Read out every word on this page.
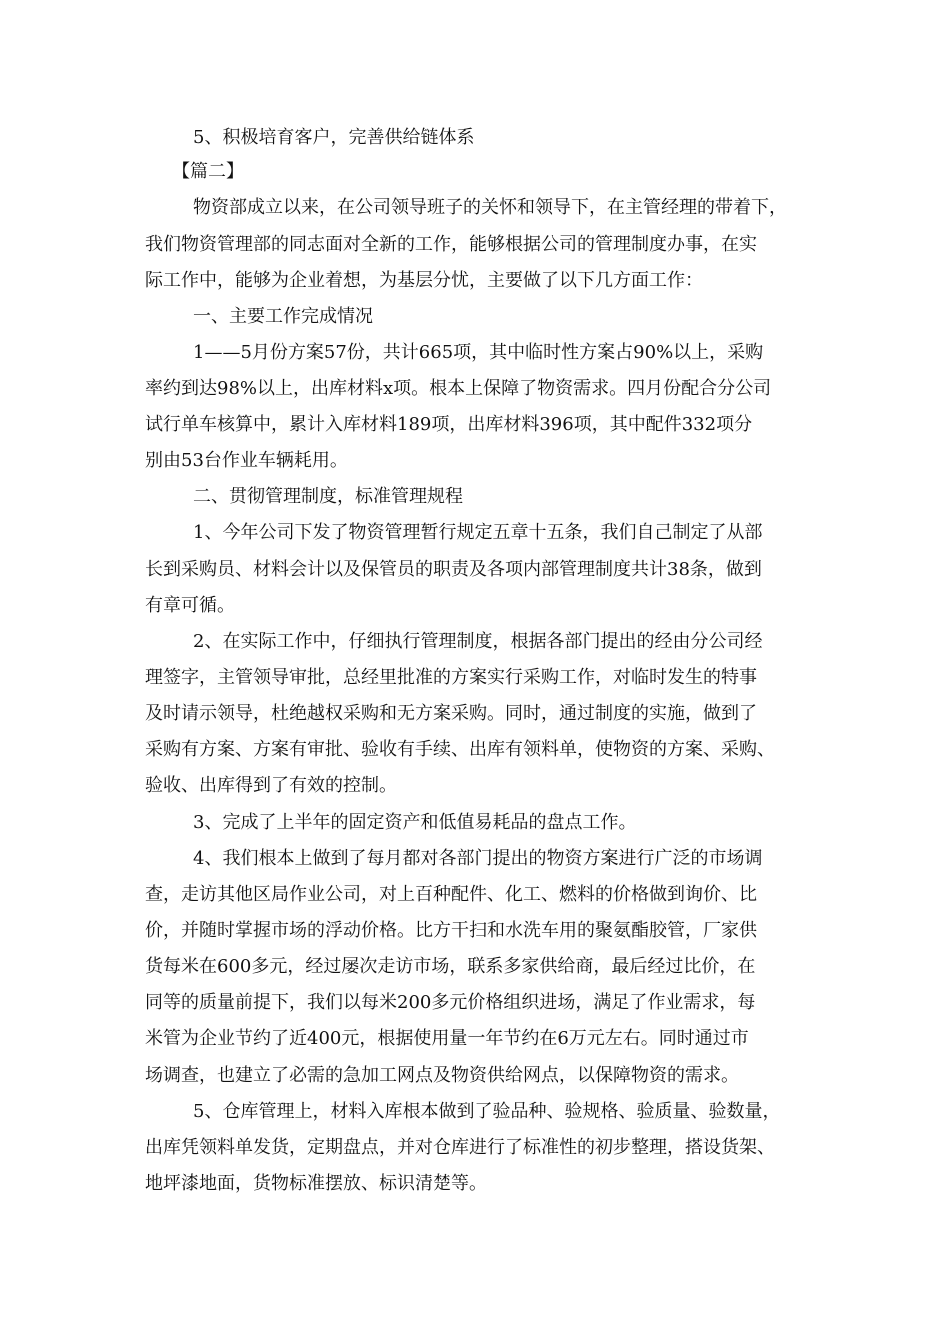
5、积极培育客户，完善供给链体系

【篇二】

物资部成立以来，在公司领导班子的关怀和领导下，在主管经理的带着下，

我们物资管理部的同志面对全新的工作，能够根据公司的管理制度办事，在实

际工作中，能够为企业着想，为基层分忧，主要做了以下几方面工作：

一、主要工作完成情况

1——5月份方案57份，共计665项，其中临时性方案占90%以上，采购

率约到达98%以上，出库材料x项。根本上保障了物资需求。四月份配合分公司

试行单车核算中，累计入库材料189项，出库材料396项，其中配件332项分

别由53台作业车辆耗用。

二、贯彻管理制度，标准管理规程

1、今年公司下发了物资管理暂行规定五章十五条，我们自己制定了从部

长到采购员、材料会计以及保管员的职责及各项内部管理制度共计38条，做到

有章可循。

2、在实际工作中，仔细执行管理制度，根据各部门提出的经由分公司经

理签字，主管领导审批，总经里批准的方案实行采购工作，对临时发生的特事

及时请示领导，杜绝越权采购和无方案采购。同时，通过制度的实施，做到了

采购有方案、方案有审批、验收有手续、出库有领料单，使物资的方案、采购、

验收、出库得到了有效的控制。

3、完成了上半年的固定资产和低值易耗品的盘点工作。

4、我们根本上做到了每月都对各部门提出的物资方案进行广泛的市场调

查，走访其他区局作业公司，对上百种配件、化工、燃料的价格做到询价、比

价，并随时掌握市场的浮动价格。比方干扫和水洗车用的聚氨酯胶管，厂家供

货每米在600多元，经过屡次走访市场，联系多家供给商，最后经过比价，在

同等的质量前提下，我们以每米200多元价格组织进场，满足了作业需求，每

米管为企业节约了近400元，根据使用量一年节约在6万元左右。同时通过市

场调查，也建立了必需的急加工网点及物资供给网点，以保障物资的需求。

5、仓库管理上，材料入库根本做到了验品种、验规格、验质量、验数量，

出库凭领料单发货，定期盘点，并对仓库进行了标准性的初步整理，搭设货架、

地坪漆地面，货物标准摆放、标识清楚等。
